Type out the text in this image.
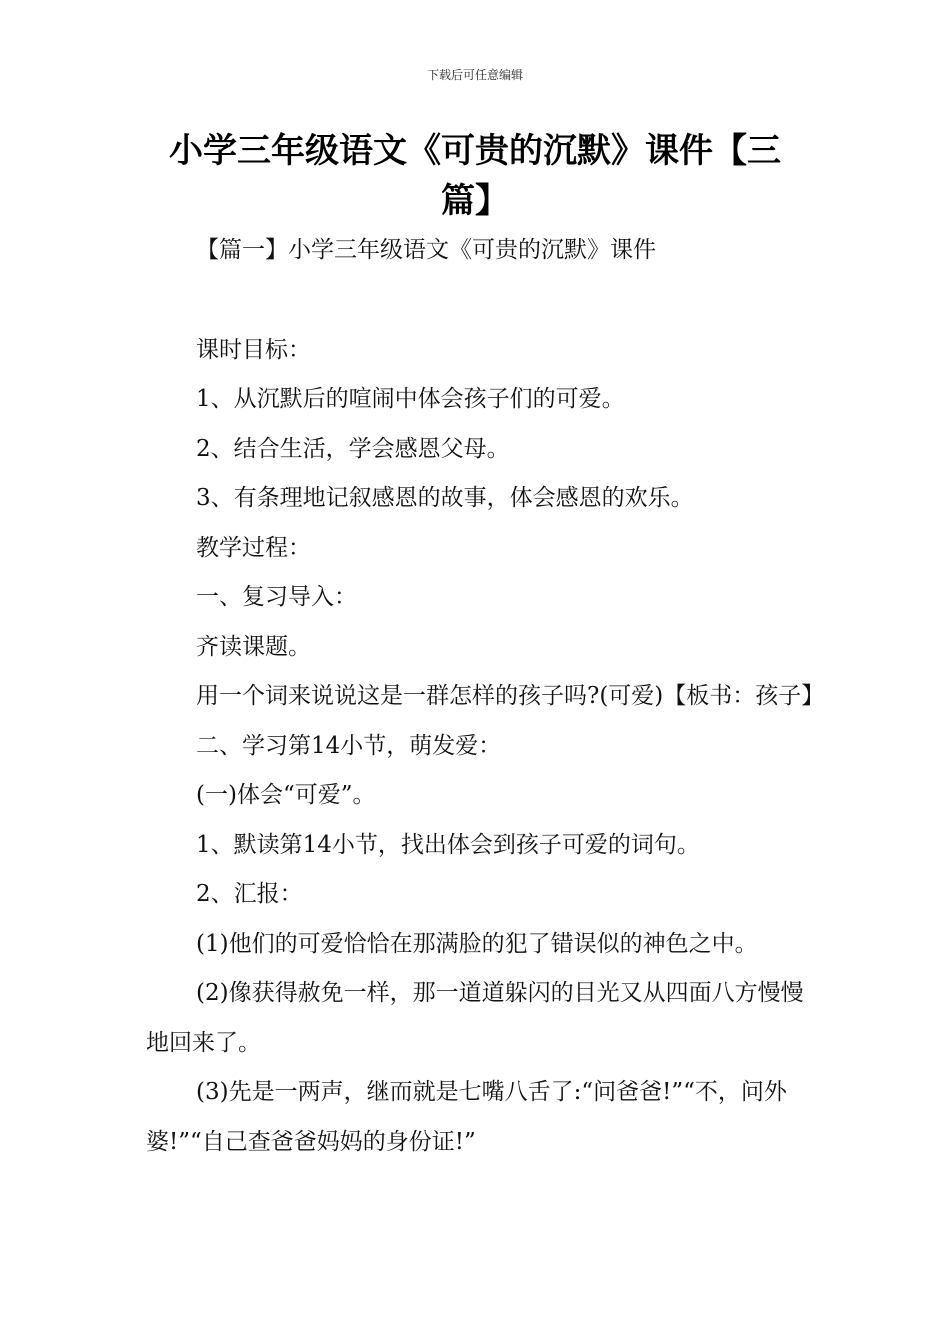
下载后可任意编辑
小学三年级语文《可贵的沉默》课件【三篇】

【篇一】小学三年级语文《可贵的沉默》课件

课时目标：

1、从沉默后的喧闹中体会孩子们的可爱。

2、结合生活，学会感恩父母。

3、有条理地记叙感恩的故事，体会感恩的欢乐。

教学过程：

一、复习导入：

齐读课题。

用一个词来说说这是一群怎样的孩子吗?(可爱)【板书：孩子】

二、学习第14小节，萌发爱：

(一)体会“可爱”。

1、默读第14小节，找出体会到孩子可爱的词句。

2、汇报：

(1)他们的可爱恰恰在那满脸的犯了错误似的神色之中。

(2)像获得赦免一样，那一道道躲闪的目光又从四面八方慢慢地回来了。

(3)先是一两声，继而就是七嘴八舌了:“问爸爸!”“不，问外婆!”“自己查爸爸妈妈的身份证!”
